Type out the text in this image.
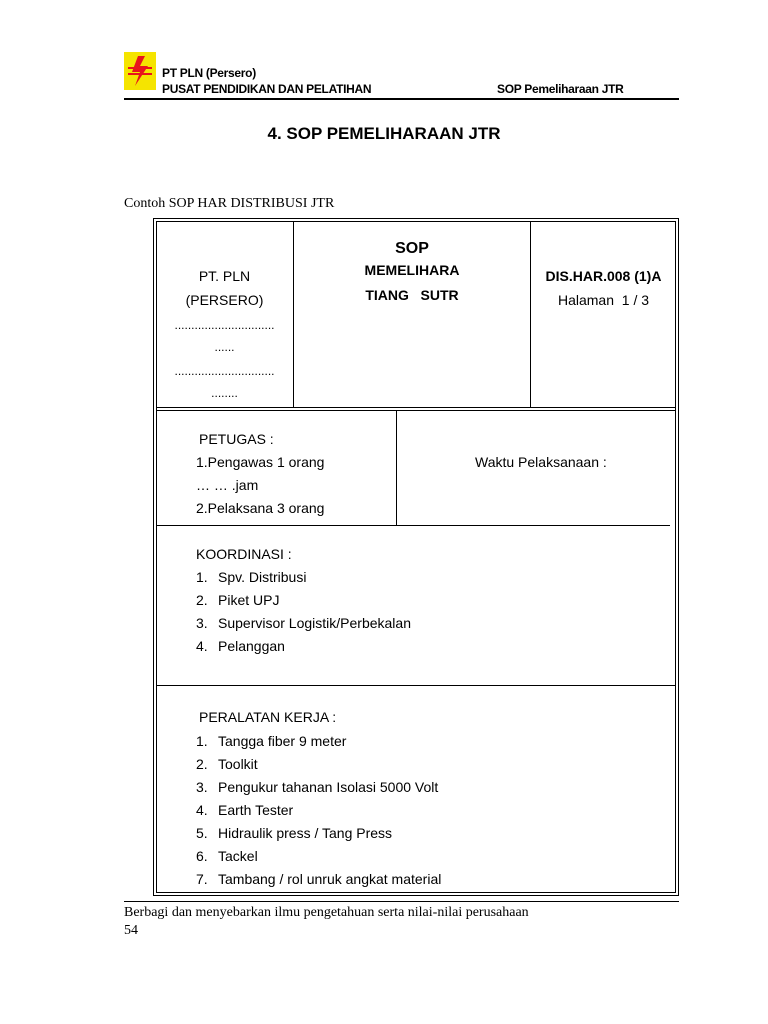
PT PLN (Persero)
PUSAT PENDIDIKAN DAN PELATIHAN	SOP Pemeliharaan JTR
4. SOP PEMELIHARAAN JTR
Contoh SOP HAR DISTRIBUSI JTR
PT. PLN
(PERSERO)
..............................
......
..............................
........
SOP
MEMELIHARA
TIANG   SUTR
DIS.HAR.008 (1)A
Halaman  1 / 3
PETUGAS :
1.Pengawas 1 orang
… … .jam
2.Pelaksana 3 orang
Waktu Pelaksanaan :
KOORDINASI :
1. Spv. Distribusi
2. Piket UPJ
3. Supervisor Logistik/Perbekalan
4. Pelanggan
PERALATAN KERJA :
1. Tangga fiber 9 meter
2. Toolkit
3. Pengukur tahanan Isolasi 5000 Volt
4. Earth Tester
5. Hidraulik press / Tang Press
6. Tackel
7. Tambang / rol unruk angkat material
Berbagi dan menyebarkan ilmu pengetahuan serta nilai-nilai perusahaan
54
